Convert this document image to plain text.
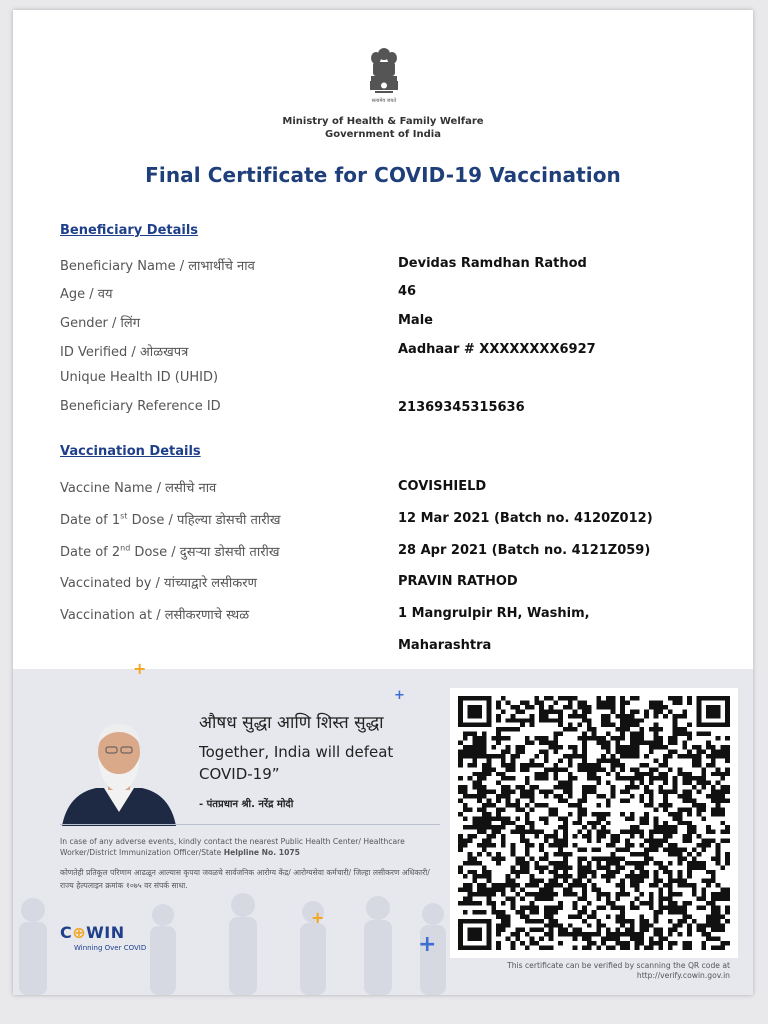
सत्यमेव जयते
Ministry of Health & Family Welfare
Government of India
Final Certificate for COVID-19 Vaccination
Beneficiary Details
Beneficiary Name / लाभार्थीचे नाव	Devidas Ramdhan Rathod
Age / वय	46
Gender / लिंग	Male
ID Verified / ओळखपत्र	Aadhaar # XXXXXXXX6927
Unique Health ID (UHID)
Beneficiary Reference ID	21369345315636
Vaccination Details
Vaccine Name / लसीचे नाव	COVISHIELD
Date of 1st Dose / पहिल्या डोसची तारीख	12 Mar 2021 (Batch no. 4120Z012)
Date of 2nd Dose / दुसऱ्या डोसची तारीख	28 Apr 2021 (Batch no. 4121Z059)
Vaccinated by / यांच्याद्वारे लसीकरण	PRAVIN RATHOD
Vaccination at / लसीकरणाचे स्थळ	1 Mangrulpir RH, Washim,
Maharashtra
+
+
+
+
औषध सुद्धा आणि शिस्त सुद्धा
Together, India will defeat COVID-19”
- पंतप्रधान श्री. नरेंद्र मोदी
In case of any adverse events, kindly contact the nearest Public Health Center/ Healthcare Worker/District Immunization Officer/State Helpline No. 1075
कोणतेही प्रतिकूल परिणाम आढळून आल्यास कृपया जवळचे सार्वजनिक आरोग्य केंद्र/ आरोग्यसेवा कर्मचारी/ जिल्हा लसीकरण अधिकारी/ राज्य हेल्पलाइन क्रमांक १०७५ वर संपर्क साधा.
C⊕WIN
Winning Over COVID
This certificate can be verified by scanning the QR code at
http://verify.cowin.gov.in
